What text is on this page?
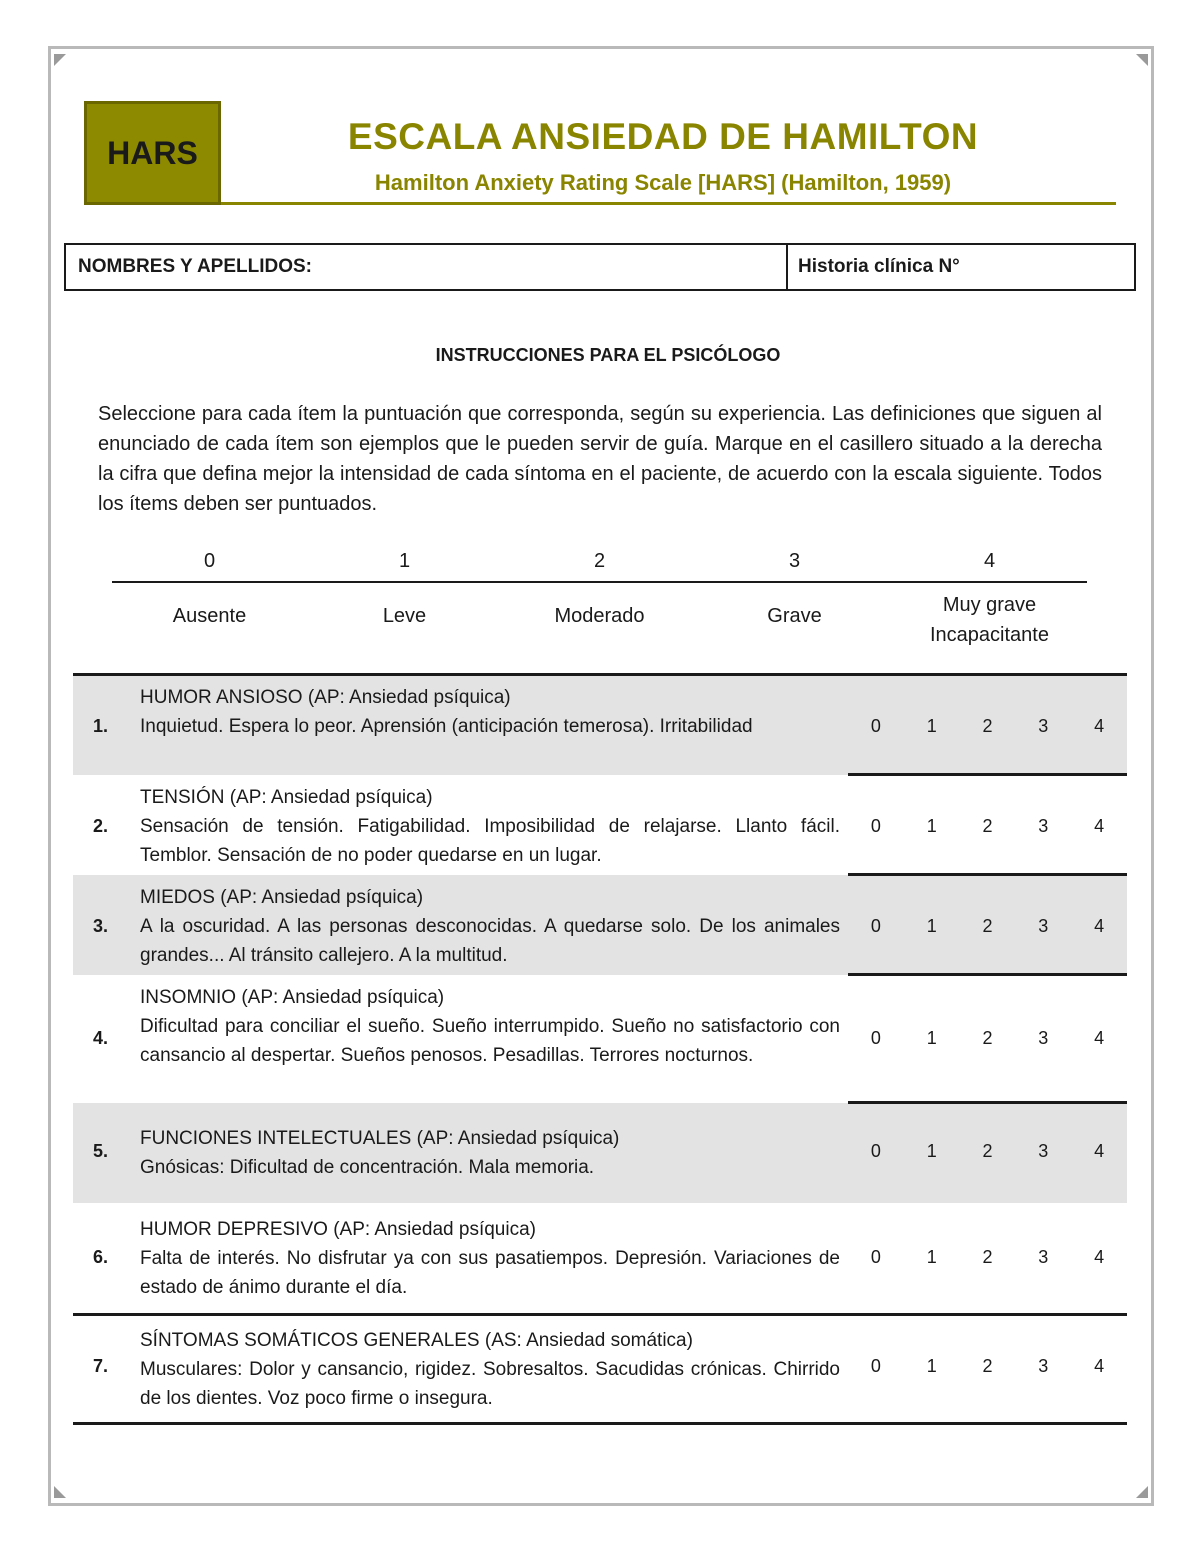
HARS	ESCALA ANSIEDAD DE HAMILTON
Hamilton Anxiety Rating Scale [HARS] (Hamilton, 1959)
NOMBRES Y APELLIDOS:	Historia clínica N°
INSTRUCCIONES PARA EL PSICÓLOGO
Seleccione para cada ítem la puntuación que corresponda, según su experiencia. Las definiciones que siguen al enunciado de cada ítem son ejemplos que le pueden servir de guía. Marque en el casillero situado a la derecha la cifra que defina mejor la intensidad de cada síntoma en el paciente, de acuerdo con la escala siguiente. Todos los ítems deben ser puntuados.
0	1	2	3	4
Ausente	Leve	Moderado	Grave	Muy grave
Incapacitante
1.
HUMOR ANSIOSO (AP: Ansiedad psíquica)
Inquietud. Espera lo peor. Aprensión (anticipación temerosa). Irritabilidad	0	1	2	3	4
2.
TENSIÓN (AP: Ansiedad psíquica)
Sensación de tensión. Fatigabilidad. Imposibilidad de relajarse. Llanto fácil. Temblor. Sensación de no poder quedarse en un lugar.
0	1	2	3	4
3.
MIEDOS (AP: Ansiedad psíquica)
A la oscuridad. A las personas desconocidas. A quedarse solo. De los animales grandes... Al tránsito callejero. A la multitud.
0	1	2	3	4
4.
INSOMNIO (AP: Ansiedad psíquica)
Dificultad para conciliar el sueño. Sueño interrumpido. Sueño no satisfactorio con cansancio al despertar. Sueños penosos. Pesadillas. Terrores nocturnos.
0	1	2	3	4
5.
FUNCIONES INTELECTUALES (AP: Ansiedad psíquica)
Gnósicas: Dificultad de concentración. Mala memoria.
0	1	2	3	4
6.
HUMOR DEPRESIVO (AP: Ansiedad psíquica)
Falta de interés. No disfrutar ya con sus pasatiempos. Depresión. Variaciones de estado de ánimo durante el día.
0	1	2	3	4
7.
SÍNTOMAS SOMÁTICOS GENERALES (AS: Ansiedad somática)
Musculares: Dolor y cansancio, rigidez. Sobresaltos. Sacudidas crónicas. Chirrido de los dientes. Voz poco firme o insegura.
0	1	2	3	4
